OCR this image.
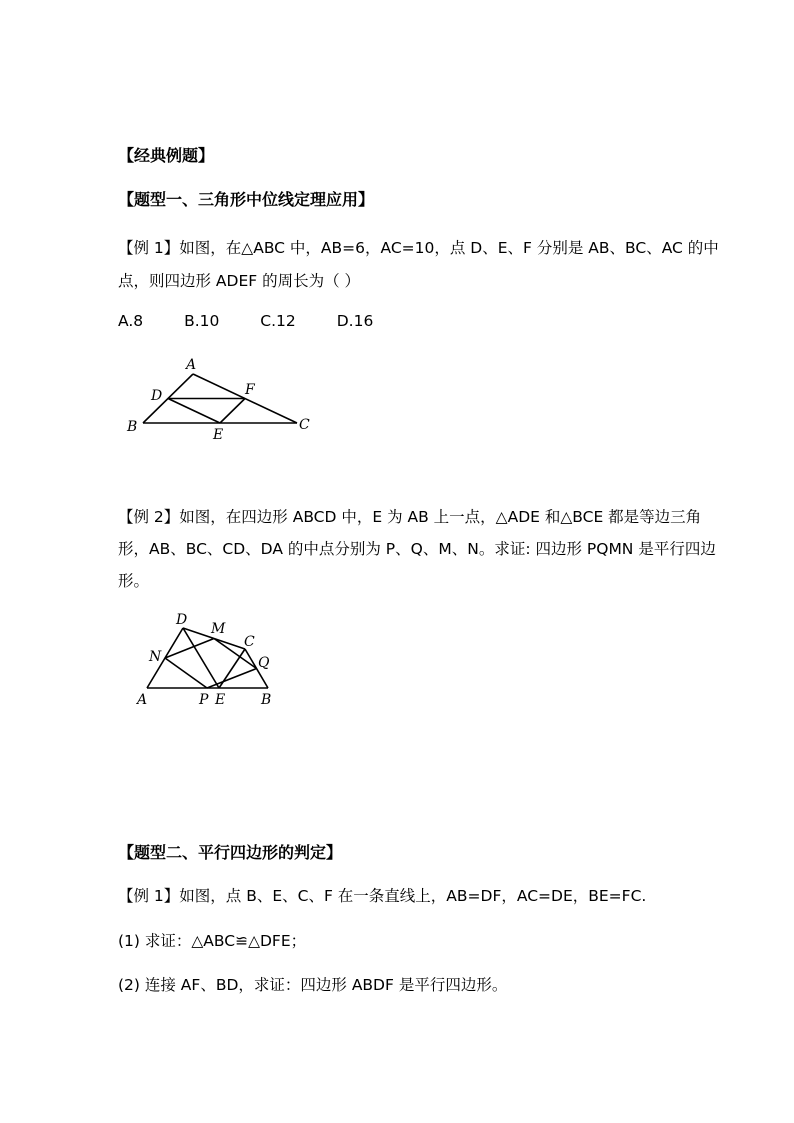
【经典例题】
【题型一、三角形中位线定理应用】
【例 1】如图，在△ABC 中，AB=6，AC=10，点 D、E、F 分别是 AB、BC、AC 的中
点，则四边形 ADEF 的周长为（ ）
A.8	B.10	C.12	D.16
A
D	F
B	E
C
【例 2】如图，在四边形 ABCD 中，E 为 AB 上一点，△ADE 和△BCE 都是等边三角
形，AB、BC、CD、DA 的中点分别为 P、Q、M、N。求证: 四边形 PQMN 是平行四边
形。
D
M
C
N	Q
A	P E	B
【题型二、平行四边形的判定】
【例 1】如图，点 B、E、C、F 在一条直线上，AB=DF，AC=DE，BE=FC.
(1) 求证：△ABC≌△DFE；
(2) 连接 AF、BD，求证：四边形 ABDF 是平行四边形。
